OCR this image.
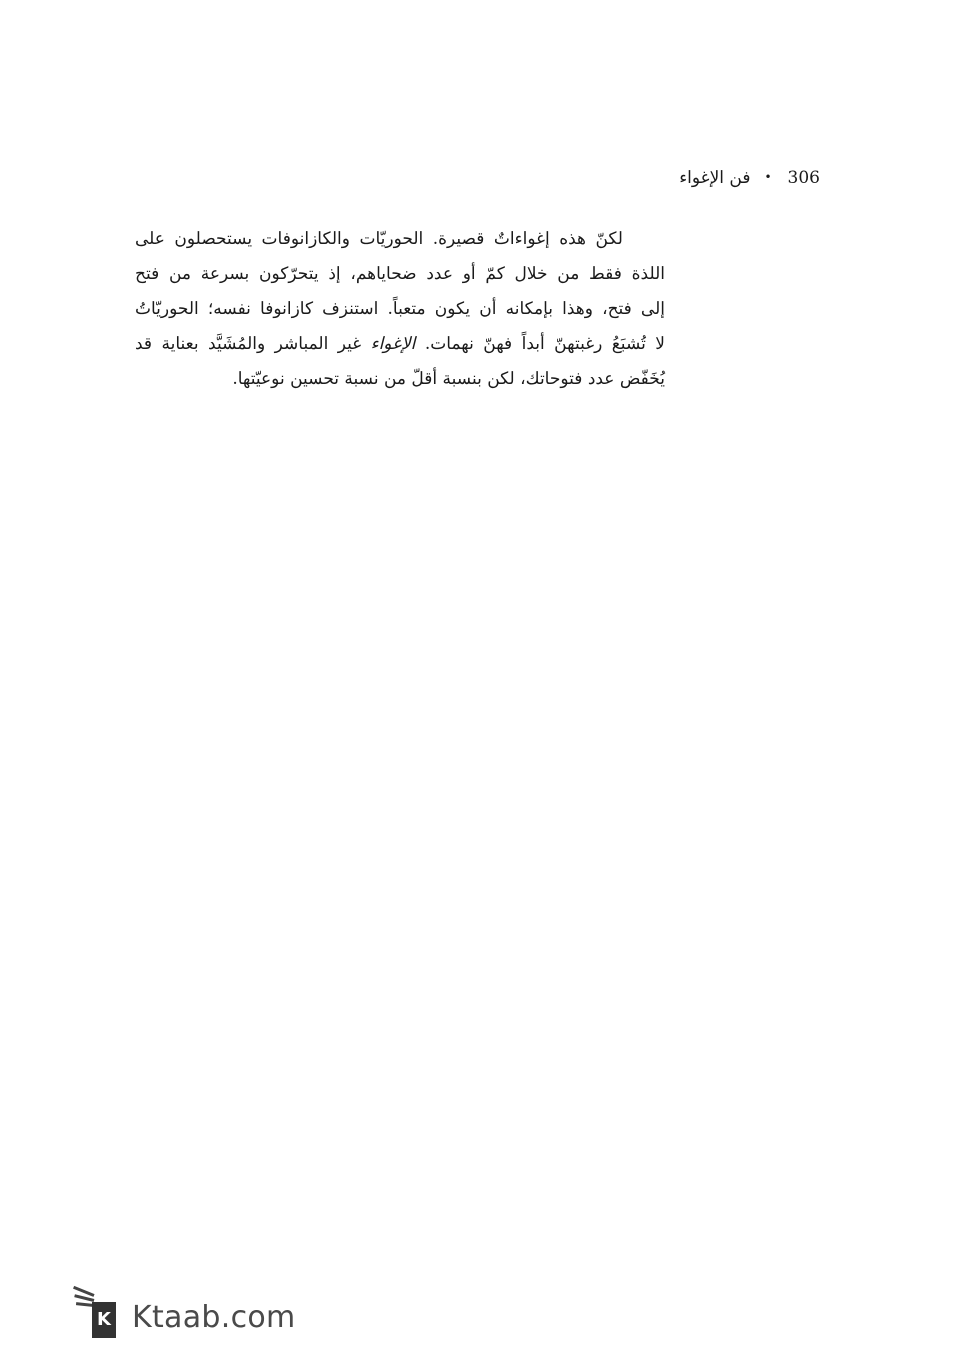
306•فن الإغواء
لكنّ هذه إغواءاتٌ قصيرة. الحوريّات والكازانوفات يستحصلون على
اللذة فقط من خلال كمّ أو عدد ضحاياهم، إذ يتحرّكون بسرعة من فتح
إلى فتح، وهذا بإمكانه أن يكون متعباً. استنزف كازانوفا نفسه؛ الحوريّاتُ
لا تُشبَعُ رغبتهنّ أبداً فهنّ نهمات. الإغواء غير المباشر والمُشَيَّد بعناية قد
يُخَفّض عدد فتوحاتك، لكن بنسبة أقلّ من نسبة تحسين نوعيّتها.
K Ktaab.com
